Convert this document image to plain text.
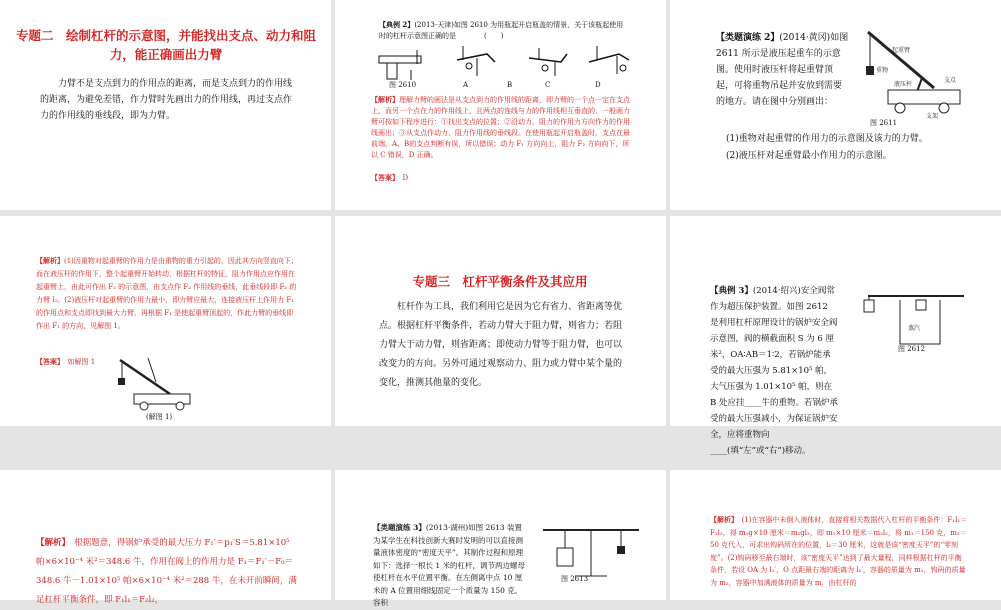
专题二　绘制杠杆的示意图，并能找出支点、动力和阻力，能正确画出力臂
力臂不是支点到力的作用点的距离，而是支点到力的作用线的距离，为避免差错，作力臂时先画出力的作用线，再过支点作力的作用线的垂线段，即为力臂。
【典例 2】(2013·天津)如图 2610 为用瓶起开启瓶盖的情景，关于该瓶起使用时的杠杆示意图正确的是　　　　(　　)
图 2610	A	B	C	D
【解析】理解力臂的画法是从支点到力的作用线的距离，即力臂的一个点一定在支点上，而另一个点在力的作用线上，且两点的连线与力的作用线相互垂直的，一般画力臂可按如下程序进行：①找出支点的位置；②沿动力、阻力的作用力方向作力的作用线画出；③从支点作动力、阻力作用线的垂线段。在使用瓶起开启瓶盖时，支点在最前端，A、B的支点判断有误，所以错误；动力 F₁ 方向向上，阻力 F₂ 方向向下，所以 C 错误，D 正确。
【答案】　 D
【类题演练 2】(2014·黄冈)如图 2611 所示是液压起重车的示意图。使用时液压杆将起重臂顶起，可将重物吊起并安放到需要的地方。请在图中分别画出：
(1)重物对起重臂的作用力的示意图及该力的力臂。
(2)液压杆对起重臂最小作用力的示意图。
起重臂
支点
重物
液压杆
支架
图 2611
【解析】(1)因重物对起重臂的作用力是由重物的重力引起的，因此其方向竖直向下；而在液压杆的作用下，整个起重臂开始转动，根据杠杆的特征，阻力作用点应作用在起重臂上，由此可作出 F₂ 的示意图，由支点作 F₂ 作用线的垂线，此垂线段即 F₂ 的力臂 l₂。(2)液压杆对起重臂的作用力最小，即力臂应最大，连接液压杆上作用力 F₁ 的作用点和支点即找到最大力臂，再根据 F₁ 是使起重臂顶起的，作此力臂的垂线即作出 F₁ 的方向，见解图 1。
【答案】　 如解图 1
(解图 1)
专题三　杠杆平衡条件及其应用
杠杆作为工具，我们利用它是因为它有省力、省距离等优点。根据杠杆平衡条件，若动力臂大于阻力臂，则省力；若阻力臂大于动力臂，则省距离；即使动力臂等于阻力臂，也可以改变力的方向。另外可通过观察动力、阻力或力臂中某个量的变化，推测其他量的变化。
【典例 3】(2014·绍兴)安全阀常作为超压保护装置。如图 2612 是利用杠杆原理设计的锅炉安全阀示意图，阀的横截面积 S 为 6 厘米²，OA∶AB＝1∶2，若锅炉能承受的最大压强为 5.81×10⁵ 帕，大气压强为 1.01×10⁵ 帕，则在 B 处应挂____牛的重物。若锅炉承受的最大压强减小，为保证锅炉安全，应将重物向____(填“左”或“右”)移动。
蒸汽
图 2612
【解析】　 根据题意，得锅炉承受的最大压力 F₁′＝p₁′S＝5.81×10⁵ 帕×6×10⁻⁴ 米²＝348.6 牛，作用在阀上的作用力是 F₁＝F₁′－F₀＝348.6 牛－1.01×10⁵ 帕×6×10⁻⁴ 米²＝288 牛，在未开前瞬间，满足杠杆平衡条件，即 F₁l₁＝F₂l₂，
【类题演练 3】(2013·湖州)如图 2613 装置为某学生在科技创新大赛时发明的可以直接测量液体密度的“密度天平”。其制作过程和原理如下：选择一根长 1 米的杠杆，调节两边螺母使杠杆在水平位置平衡。在左侧离中点 10 厘米的 A 位置用细线固定一个质量为 150 克、容积
图 2613
【解析】　 (1)在容器中未倒入液体时，直接将相关数据代入杠杆的平衡条件：F₁l₁＝F₂l₂，得 m₁g×10 厘米＝m₂gl₂，即 m₁×10 厘米＝m₂l₂，将 m₁＝150 克，m₂＝50 克代入，可求出钩码所在的位置，l₂＝30 厘米，这就是该“密度天平”的“零刻度”。(2)钩码移至最右端时，该“密度天平”达到了最大量程，同样根据杠杆的平衡条件，若设 OA 为 l₁′，O 点距最右端的距离为 l₂′，容器的质量为 m₁，钩码的质量为 m₂，容器中加满液体的质量为 m，由杠杆的
